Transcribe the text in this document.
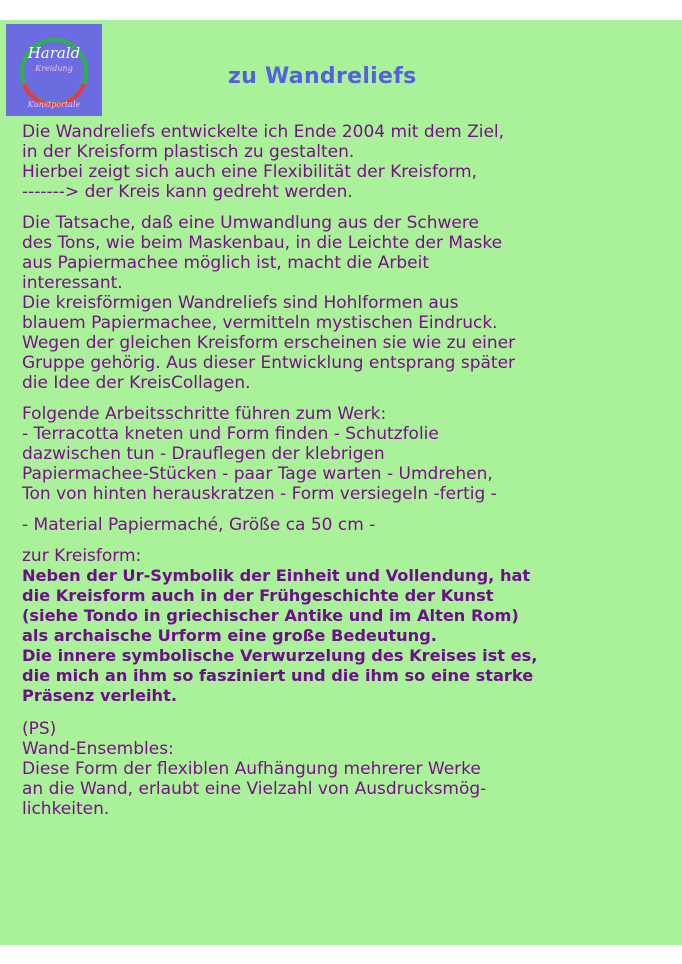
Harald
Kreidung
Kunstportale
zu Wandreliefs

Die Wandreliefs entwickelte ich Ende 2004 mit dem Ziel,
in der Kreisform plastisch zu gestalten.
Hierbei zeigt sich auch eine Flexibilität der Kreisform,
-------> der Kreis kann gedreht werden.

Die Tatsache, daß eine Umwandlung aus der Schwere
des Tons, wie beim Maskenbau, in die Leichte der Maske
aus Papiermachee möglich ist, macht die Arbeit
interessant.
Die kreisförmigen Wandreliefs sind Hohlformen aus
blauem Papiermachee, vermitteln mystischen Eindruck.
Wegen der gleichen Kreisform erscheinen sie wie zu einer
Gruppe gehörig. Aus dieser Entwicklung entsprang später
die Idee der KreisCollagen.

Folgende Arbeitsschritte führen zum Werk:
- Terracotta kneten und Form finden - Schutzfolie
dazwischen tun - Drauflegen der klebrigen
Papiermachee-Stücken - paar Tage warten - Umdrehen,
Ton von hinten herauskratzen - Form versiegeln -fertig -

- Material Papiermaché, Größe ca 50 cm -

zur Kreisform:

Neben der Ur-Symbolik der Einheit und Vollendung, hat
die Kreisform auch in der Frühgeschichte der Kunst
(siehe Tondo in griechischer Antike und im Alten Rom)
als archaische Urform eine große Bedeutung.
Die innere symbolische Verwurzelung des Kreises ist es,
die mich an ihm so fasziniert und die ihm so eine starke
Präsenz verleiht.

(PS)
Wand-Ensembles:
Diese Form der flexiblen Aufhängung mehrerer Werke
an die Wand, erlaubt eine Vielzahl von Ausdrucksmög-
lichkeiten.
